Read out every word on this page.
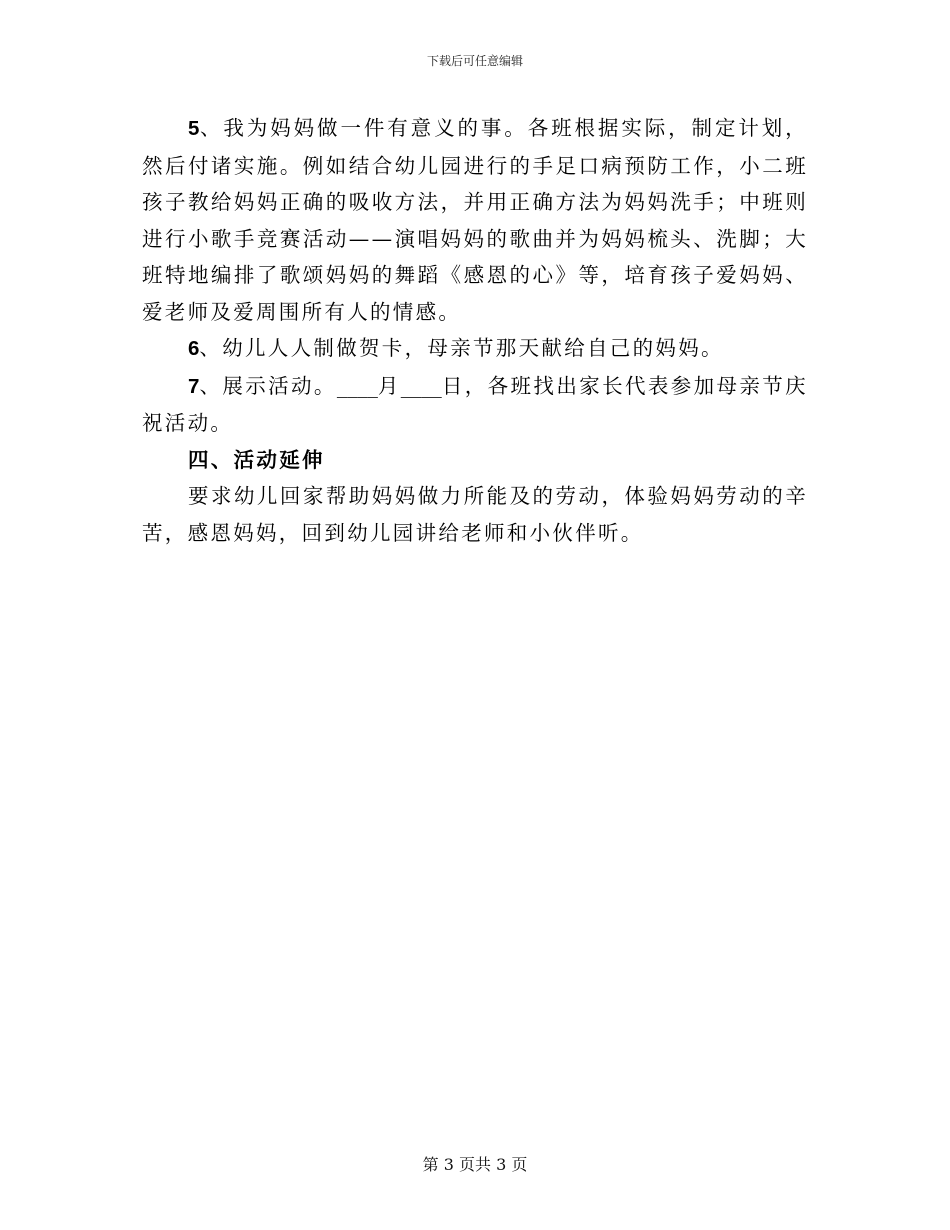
下载后可任意编辑

5、我为妈妈做一件有意义的事。各班根据实际，制定计划，然后付诸实施。例如结合幼儿园进行的手足口病预防工作，小二班孩子教给妈妈正确的吸收方法，并用正确方法为妈妈洗手；中班则进行小歌手竞赛活动——演唱妈妈的歌曲并为妈妈梳头、洗脚；大班特地编排了歌颂妈妈的舞蹈《感恩的心》等，培育孩子爱妈妈、爱老师及爱周围所有人的情感。

6、幼儿人人制做贺卡，母亲节那天献给自己的妈妈。

7、展示活动。____月____日，各班找出家长代表参加母亲节庆祝活动。

四、活动延伸

要求幼儿回家帮助妈妈做力所能及的劳动，体验妈妈劳动的辛苦，感恩妈妈，回到幼儿园讲给老师和小伙伴听。

第 3 页共 3 页
